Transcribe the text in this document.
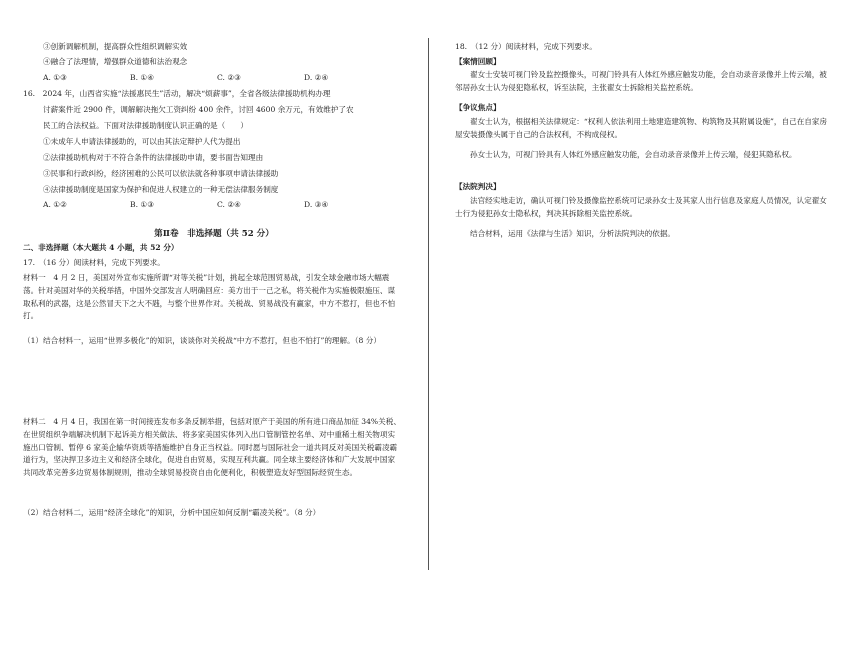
③创新调解机制，提高群众性组织调解实效
④融合了法理情，增强群众道德和法治观念
A. ①③	B. ①④	C. ②③	D. ②④
16.　2024 年，山西省实施“法援惠民生”活动，解决“烦薪事”，全省各级法律援助机构办理
讨薪案件近 2900 件，调解解决拖欠工资纠纷 400 余件，讨回 4600 余万元，有效维护了农
民工的合法权益。下面对法律援助制度认识正确的是（　　）
①未成年人申请法律援助的，可以由其法定辩护人代为提出
②法律援助机构对于不符合条件的法律援助申请，要书面告知理由
③民事和行政纠纷，经济困难的公民可以依法就各种事项申请法律援助
④法律援助制度是国家为保护和促进人权建立的一种无偿法律服务制度
A. ①②	B. ①③	C. ②④	D. ③④
第Ⅱ卷　非选择题（共 52 分）
二、非选择题（本大题共 4 小题，共 52 分）
17.　（16 分）阅读材料，完成下列要求。
材料一　4 月 2 日，美国对外宣布实施所谓“对等关税”计划，挑起全球范围贸易战，引发全球金融市场大幅震荡。针对美国对华的关税举措，中国外交部发言人明确回应：美方出于一己之私，将关税作为实施极限施压、谋取私利的武器，这是公然冒天下之大不韪，与整个世界作对。关税战、贸易战没有赢家，中方不惹打，但也不怕打。
（1）结合材料一，运用“世界多极化”的知识，谈谈你对关税战“中方不惹打，但也不怕打”的理解。（8 分）
材料二　4 月 4 日，我国在第一时间接连发布多条反制举措，包括对原产于美国的所有进口商品加征 34%关税、在世贸组织争端解决机制下起诉美方相关做法、将多家美国实体列入出口管制管控名单、对中重稀土相关物项实施出口管制、暂停 6 家美企输华资质等措施维护自身正当权益。同时愿与国际社会一道共同反对美国关税霸凌霸道行为，坚决捍卫多边主义和经济全球化，促进自由贸易，实现互利共赢。同全球主要经济体和广大发展中国家共同改革完善多边贸易体制规则，推动全球贸易投资自由化便利化，积极塑造友好型国际经贸生态。
（2）结合材料二，运用“经济全球化”的知识，分析中国应如何反制“霸凌关税”。（8 分）
18.　（12 分）阅读材料，完成下列要求。
【案情回顾】
翟女士安装可视门铃及监控摄像头，可视门铃具有人体红外感应触发功能，会自动录音录像并上传云端，被邻居孙女士认为侵犯隐私权，诉至法院，主张翟女士拆除相关监控系统。
【争议焦点】
翟女士认为，根据相关法律规定：“权利人依法利用土地建造建筑物、构筑物及其附属设施”，自己在自家房屋安装摄像头属于自己的合法权利，不构成侵权。
孙女士认为，可视门铃具有人体红外感应触发功能，会自动录音录像并上传云端，侵犯其隐私权。
【法院判决】
法官经实地走访，确认可视门铃及摄像监控系统可记录孙女士及其家人出行信息及家庭人员情况，认定翟女士行为侵犯孙女士隐私权，判决其拆除相关监控系统。
结合材料，运用《法律与生活》知识，分析法院判决的依据。
